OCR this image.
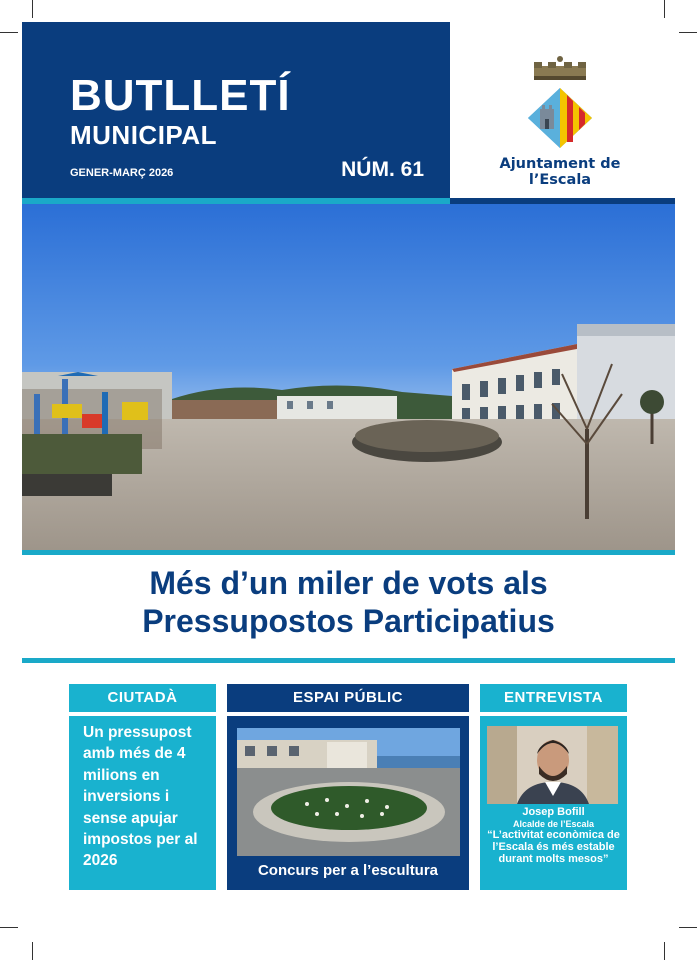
BUTLLETÍ
MUNICIPAL
GENER-MARÇ 2026	NÚM. 61	Ajuntament de l’Escala
Més d’un miler de vots als
Pressupostos Participatius
CIUTADÀ
Un pressupost amb més de 4 milions en inversions i sense apujar impostos per al 2026
ESPAI PÚBLIC
Concurs per a l’escultura
ENTREVISTA
Josep Bofill
Alcalde de l’Escala
“L’activitat econòmica de l’Escala és més estable durant molts mesos”
